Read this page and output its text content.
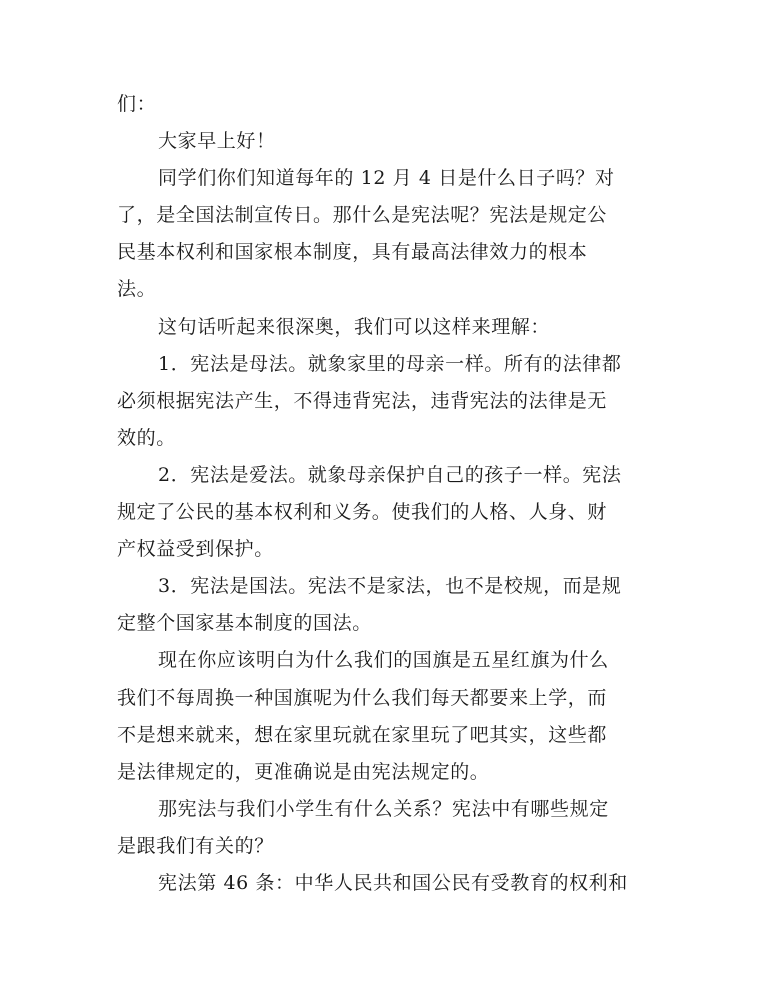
们：
大家早上好！
同学们你们知道每年的 12 月 4 日是什么日子吗？对
了，是全国法制宣传日。那什么是宪法呢？宪法是规定公
民基本权利和国家根本制度，具有最高法律效力的根本
法。
这句话听起来很深奥，我们可以这样来理解：
1．宪法是母法。就象家里的母亲一样。所有的法律都
必须根据宪法产生，不得违背宪法，违背宪法的法律是无
效的。
2．宪法是爱法。就象母亲保护自己的孩子一样。宪法
规定了公民的基本权利和义务。使我们的人格、人身、财
产权益受到保护。
3．宪法是国法。宪法不是家法，也不是校规，而是规
定整个国家基本制度的国法。
现在你应该明白为什么我们的国旗是五星红旗为什么
我们不每周换一种国旗呢为什么我们每天都要来上学，而
不是想来就来，想在家里玩就在家里玩了吧其实，这些都
是法律规定的，更准确说是由宪法规定的。
那宪法与我们小学生有什么关系？宪法中有哪些规定
是跟我们有关的？
宪法第 46 条：中华人民共和国公民有受教育的权利和
